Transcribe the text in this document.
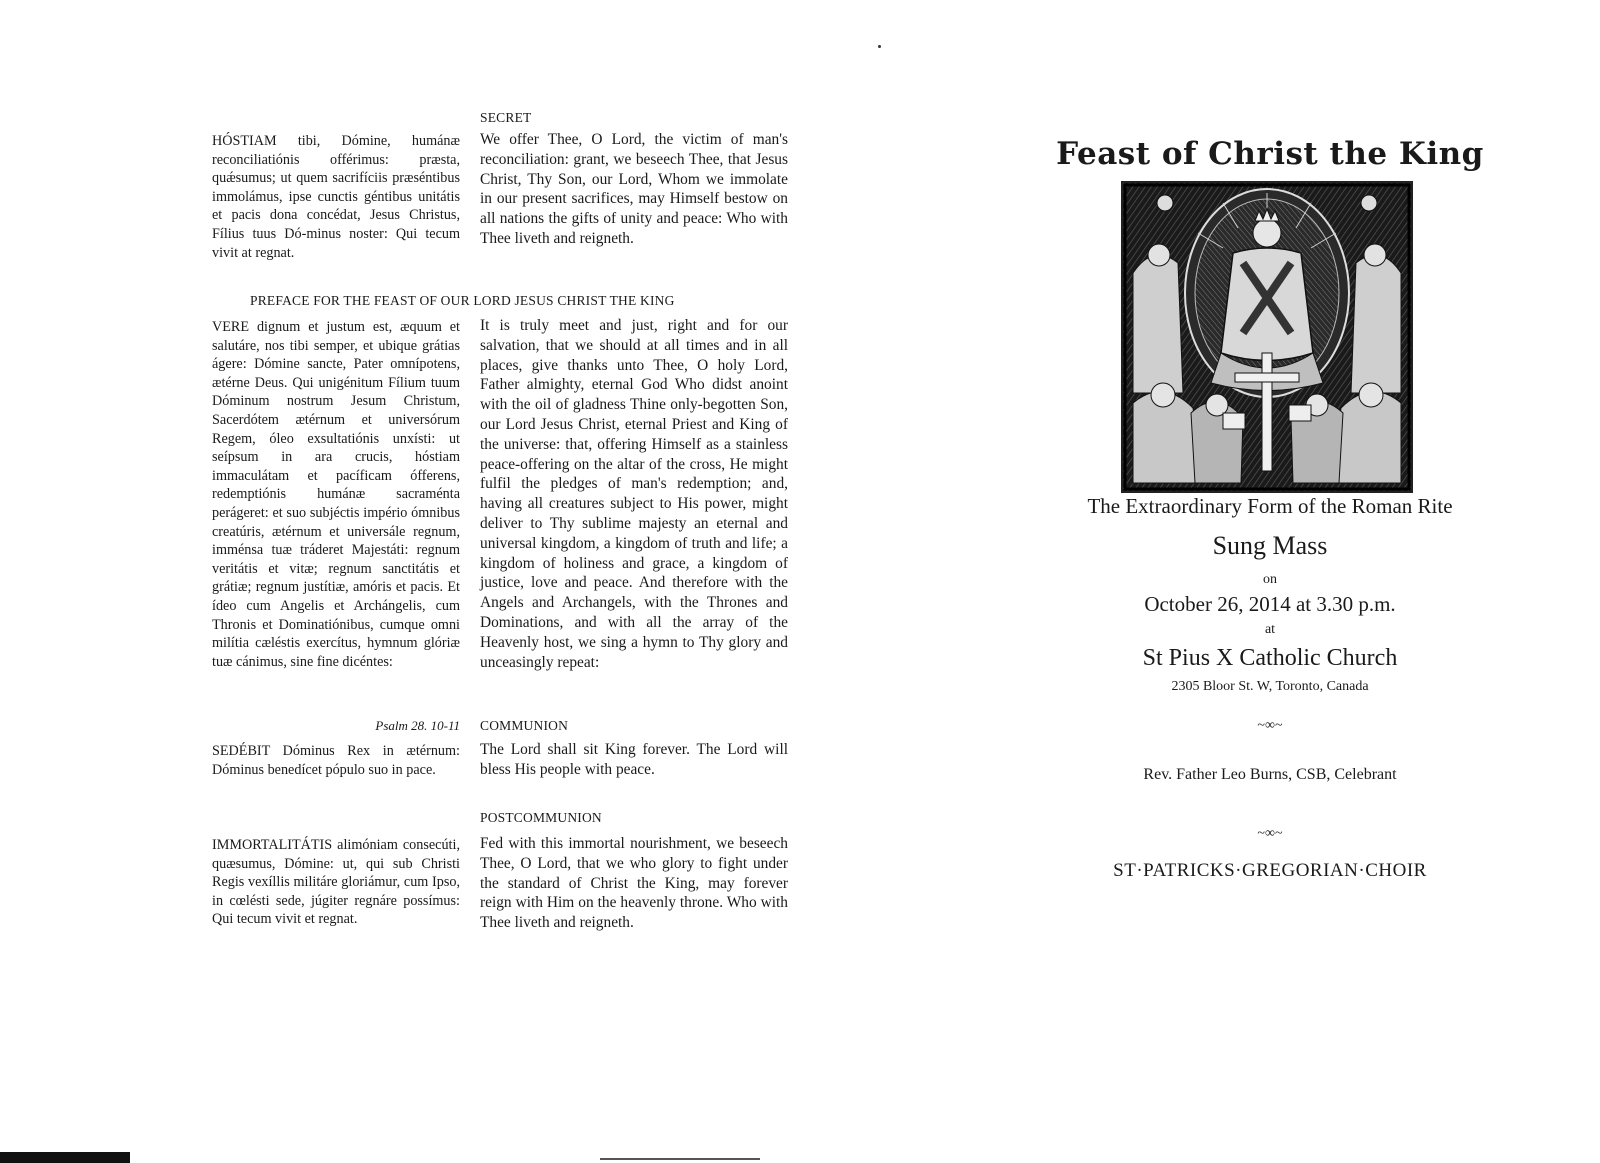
SECRET
HÓSTIAM tibi, Dómine, humánæ reconciliatiónis offérimus: præsta, quǽsumus; ut quem sacrifíciis præséntibus immolámus, ipse cunctis géntibus unitátis et pacis dona concédat, Jesus Christus, Fílius tuus Dó-minus noster: Qui tecum vivit at regnat.
We offer Thee, O Lord, the victim of man's reconciliation: grant, we beseech Thee, that Jesus Christ, Thy Son, our Lord, Whom we immolate in our present sacrifices, may Himself bestow on all nations the gifts of unity and peace: Who with Thee liveth and reigneth.
PREFACE FOR THE FEAST OF OUR LORD JESUS CHRIST THE KING
VERE dignum et justum est, æquum et salutáre, nos tibi semper, et ubique grátias ágere: Dómine sancte, Pater omnípotens, ætérne Deus. Qui unigénitum Fílium tuum Dóminum nostrum Jesum Christum, Sacerdótem ætérnum et universórum Regem, óleo exsultatiónis unxísti: ut seípsum in ara crucis, hóstiam immaculátam et pacíficam ófferens, redemptiónis humánæ sacraménta perágeret: et suo subjéctis império ómnibus creatúris, ætérnum et universále regnum, imménsa tuæ tráderet Majestáti: regnum veritátis et vitæ; regnum sanctitátis et grátiæ; regnum justítiæ, amóris et pacis. Et ídeo cum Angelis et Archángelis, cum Thronis et Dominatiónibus, cumque omni milítia cæléstis exercítus, hymnum glóriæ tuæ cánimus, sine fine dicéntes:
It is truly meet and just, right and for our salvation, that we should at all times and in all places, give thanks unto Thee, O holy Lord, Father almighty, eternal God Who didst anoint with the oil of gladness Thine only-begotten Son, our Lord Jesus Christ, eternal Priest and King of the universe: that, offering Himself as a stainless peace-offering on the altar of the cross, He might fulfil the pledges of man's redemption; and, having all creatures subject to His power, might deliver to Thy sublime majesty an eternal and universal kingdom, a kingdom of truth and life; a kingdom of holiness and grace, a kingdom of justice, love and peace. And therefore with the Angels and Archangels, with the Thrones and Dominations, and with all the array of the Heavenly host, we sing a hymn to Thy glory and unceasingly repeat:
Psalm 28. 10-11 COMMUNION
SEDÉBIT Dóminus Rex in ætérnum: Dóminus benedícet pópulo suo in pace.
The Lord shall sit King forever. The Lord will bless His people with peace.
POSTCOMMUNION
IMMORTALITÁTIS alimóniam consecúti, quæsumus, Dómine: ut, qui sub Christi Regis vexíllis militáre gloriámur, cum Ipso, in cœlésti sede, júgiter regnáre possímus: Qui tecum vivit et regnat.
Fed with this immortal nourishment, we beseech Thee, O Lord, that we who glory to fight under the standard of Christ the King, may forever reign with Him on the heavenly throne. Who with Thee liveth and reigneth.
Feast of Christ the King
The Extraordinary Form of the Roman Rite
Sung Mass
on
October 26, 2014 at 3.30 p.m.
at
St Pius X Catholic Church
2305 Bloor St. W, Toronto, Canada
~∞~
Rev. Father Leo Burns, CSB, Celebrant
~∞~
ST·PATRICKS·GREGORIAN·CHOIR
